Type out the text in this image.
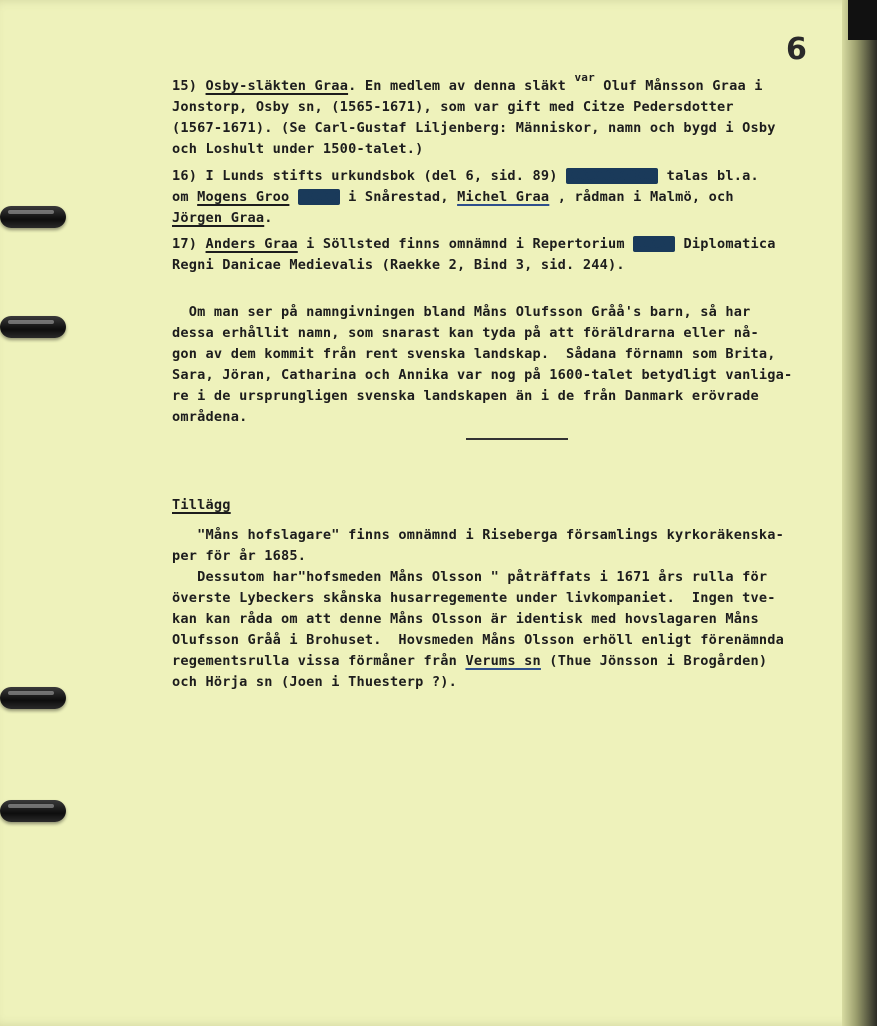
6
15) Osby-släkten Graa. En medlem av denna släkt $^{var}$ Oluf Månsson Graa i
Jonstorp, Osby sn, (1565-1671), som var gift med Citze Pedersdotter
(1567-1671). (Se Carl-Gustaf Liljenberg: Människor, namn och bygd i Osby
och Loshult under 1500-talet.)
16) I Lunds stifts urkundsbok (del 6, sid. 89) XXXXXXXXXXX talas bl.a.
om Mogens Groo XXXXX i Snårestad, Michel Graa , rådman i Malmö, och
Jörgen Graa.
17) Anders Graa i Söllsted finns omnämnd i Repertorium XXXXX Diplomatica
Regni Danicae Medievalis (Raekke 2, Bind 3, sid. 244).
Om man ser på namngivningen bland Måns Olufsson Gråå's barn, så har
dessa erhållit namn, som snarast kan tyda på att föräldrarna eller nå-
gon av dem kommit från rent svenska landskap.  Sådana förnamn som Brita,
Sara, Jöran, Catharina och Annika var nog på 1600-talet betydligt vanliga-
re i de ursprungligen svenska landskapen än i de från Danmark erövrade
områdena.
Tillägg
"Måns hofslagare" finns omnämnd i Riseberga församlings kyrkoräkenska-
per för år 1685.
Dessutom har"hofsmeden Måns Olsson " påträffats i 1671 års rulla för
överste Lybeckers skånska husarregemente under livkompaniet.  Ingen tve-
kan kan råda om att denne Måns Olsson är identisk med hovslagaren Måns
Olufsson Gråå i Brohuset.  Hovsmeden Måns Olsson erhöll enligt förenämnda
regementsrulla vissa förmåner från Verums sn (Thue Jönsson i Brogården)
och Hörja sn (Joen i Thuesterp ?).
